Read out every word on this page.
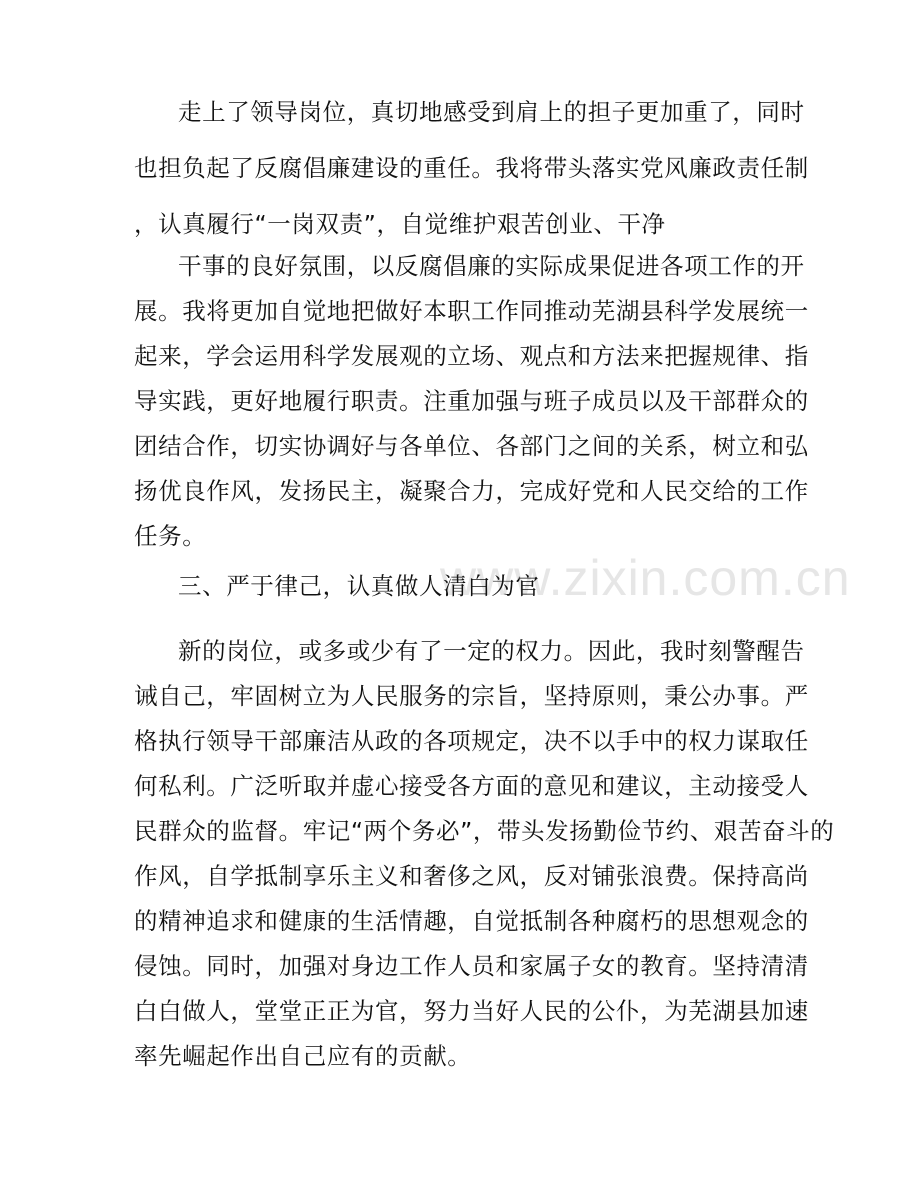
www.zixin.com.cn
走上了领导岗位，真切地感受到肩上的担子更加重了，同时
也担负起了反腐倡廉建设的重任。我将带头落实党风廉政责任制
，认真履行“一岗双责”，自觉维护艰苦创业、干净
干事的良好氛围，以反腐倡廉的实际成果促进各项工作的开
展。我将更加自觉地把做好本职工作同推动芜湖县科学发展统一
起来，学会运用科学发展观的立场、观点和方法来把握规律、指
导实践，更好地履行职责。注重加强与班子成员以及干部群众的
团结合作，切实协调好与各单位、各部门之间的关系，树立和弘
扬优良作风，发扬民主，凝聚合力，完成好党和人民交给的工作
任务。
三、严于律己，认真做人清白为官
新的岗位，或多或少有了一定的权力。因此，我时刻警醒告
诫自己，牢固树立为人民服务的宗旨，坚持原则，秉公办事。严
格执行领导干部廉洁从政的各项规定，决不以手中的权力谋取任
何私利。广泛听取并虚心接受各方面的意见和建议，主动接受人
民群众的监督。牢记“两个务必”，带头发扬勤俭节约、艰苦奋斗的
作风，自学抵制享乐主义和奢侈之风，反对铺张浪费。保持高尚
的精神追求和健康的生活情趣，自觉抵制各种腐朽的思想观念的
侵蚀。同时，加强对身边工作人员和家属子女的教育。坚持清清
白白做人，堂堂正正为官，努力当好人民的公仆，为芜湖县加速
率先崛起作出自己应有的贡献。
